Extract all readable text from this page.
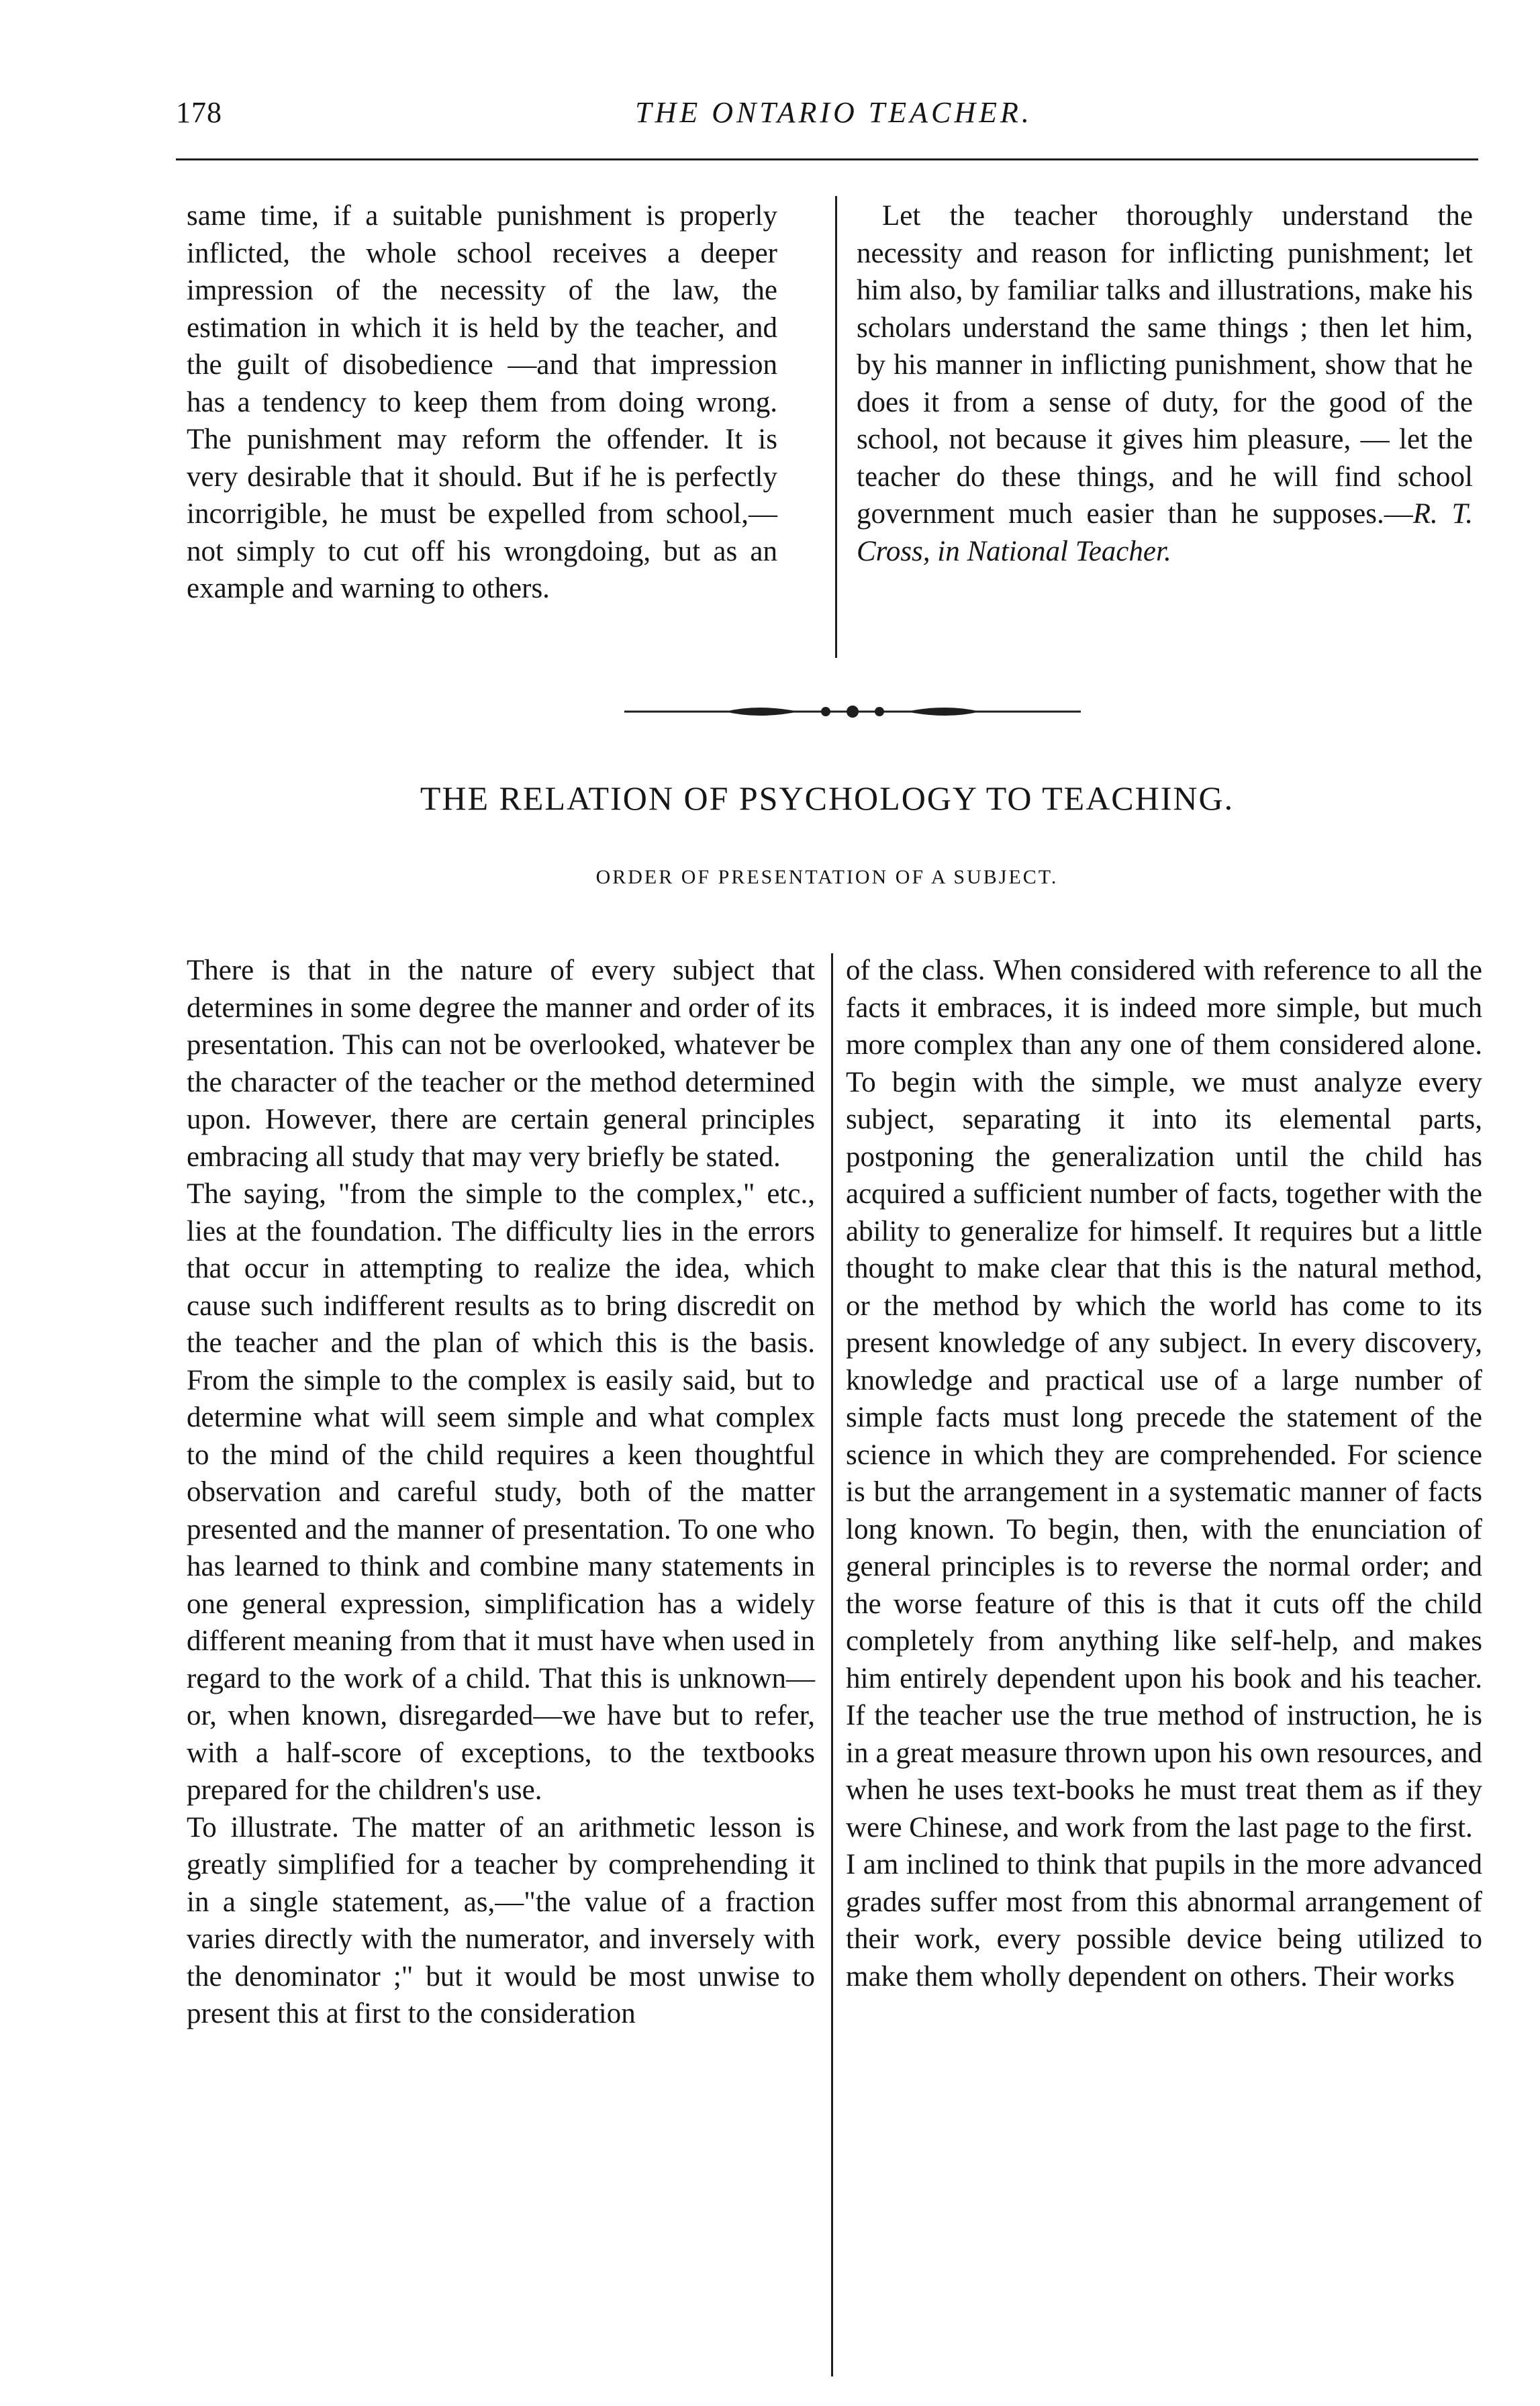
178	THE ONTARIO TEACHER.

same time, if a suitable punishment is properly inflicted, the whole school receives a deeper impression of the necessity of the law, the estimation in which it is held by the teacher, and the guilt of disobedience —and that impression has a tendency to keep them from doing wrong. The punishment may reform the offender. It is very desirable that it should. But if he is perfectly incorrigible, he must be expelled from school,—not simply to cut off his wrongdoing, but as an example and warning to others.

Let the teacher thoroughly understand the necessity and reason for inflicting punishment; let him also, by familiar talks and illustrations, make his scholars understand the same things ; then let him, by his manner in inflicting punishment, show that he does it from a sense of duty, for the good of the school, not because it gives him pleasure, — let the teacher do these things, and he will find school government much easier than he supposes.—R. T. Cross, in National Teacher.

THE RELATION OF PSYCHOLOGY TO TEACHING.
ORDER OF PRESENTATION OF A SUBJECT.

There is that in the nature of every subject that determines in some degree the manner and order of its presentation. This can not be overlooked, whatever be the character of the teacher or the method determined upon. However, there are certain general principles embracing all study that may very briefly be stated.

The saying, "from the simple to the complex," etc., lies at the foundation. The difficulty lies in the errors that occur in attempting to realize the idea, which cause such indifferent results as to bring discredit on the teacher and the plan of which this is the basis. From the simple to the complex is easily said, but to determine what will seem simple and what complex to the mind of the child requires a keen thoughtful observation and careful study, both of the matter presented and the manner of presentation. To one who has learned to think and combine many statements in one general expression, simplification has a widely different meaning from that it must have when used in regard to the work of a child. That this is unknown— or, when known, disregarded—we have but to refer, with a half-score of exceptions, to the textbooks prepared for the children's use.

To illustrate. The matter of an arithmetic lesson is greatly simplified for a teacher by comprehending it in a single statement, as,—"the value of a fraction varies directly with the numerator, and inversely with the denominator ;" but it would be most unwise to present this at first to the consideration

of the class. When considered with reference to all the facts it embraces, it is indeed more simple, but much more complex than any one of them considered alone. To begin with the simple, we must analyze every subject, separating it into its elemental parts, postponing the generalization until the child has acquired a sufficient number of facts, together with the ability to generalize for himself. It requires but a little thought to make clear that this is the natural method, or the method by which the world has come to its present knowledge of any subject. In every discovery, knowledge and practical use of a large number of simple facts must long precede the statement of the science in which they are comprehended. For science is but the arrangement in a systematic manner of facts long known. To begin, then, with the enunciation of general principles is to reverse the normal order; and the worse feature of this is that it cuts off the child completely from anything like self-help, and makes him entirely dependent upon his book and his teacher. If the teacher use the true method of instruction, he is in a great measure thrown upon his own resources, and when he uses text-books he must treat them as if they were Chinese, and work from the last page to the first.

I am inclined to think that pupils in the more advanced grades suffer most from this abnormal arrangement of their work, every possible device being utilized to make them wholly dependent on others. Their works
